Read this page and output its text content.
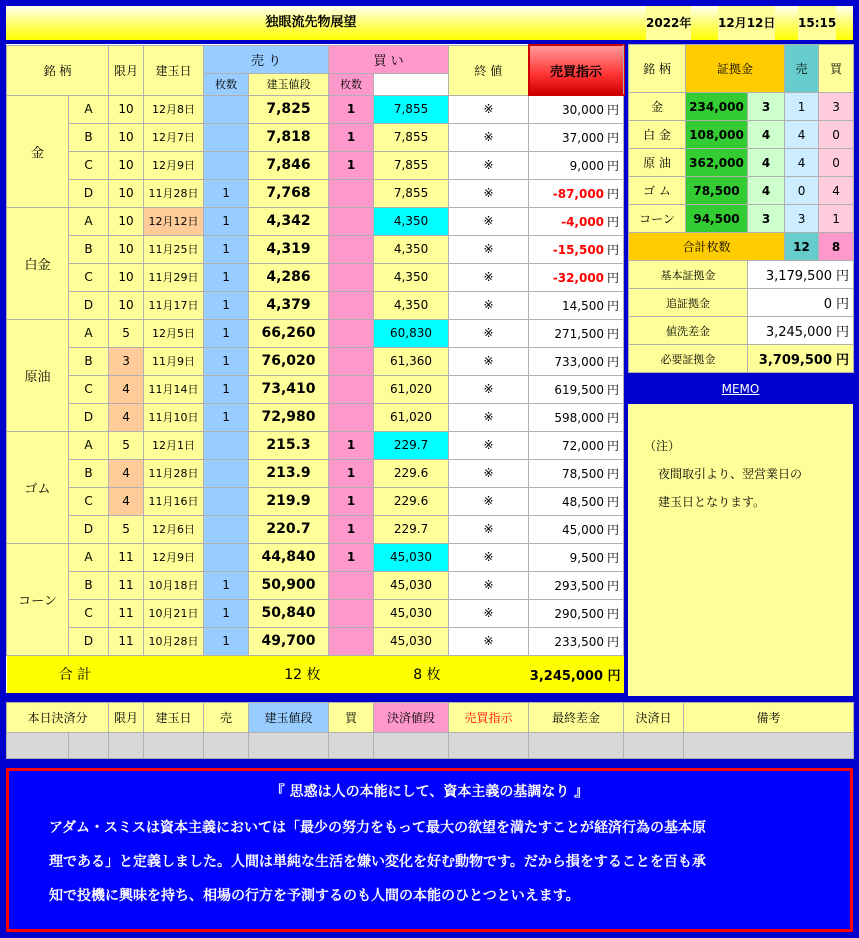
独眼流先物展望	2022年 12月12日 15:15
銘 柄		限月	建玉日	売 り		買 い		終 値	売買指示	
				枚数	建玉値段	枚数				
金	A	10	12月8日		7,825	1	7,855	※	30,000 円	
	B	10	12月7日		7,818	1	7,855	※	37,000 円	
	C	10	12月9日		7,846	1	7,855	※	9,000 円	
	D	10	11月28日	1	7,768		7,855	※	-87,000 円	
白金	A	10	12月12日	1	4,342		4,350	※	-4,000 円	
	B	10	11月25日	1	4,319		4,350	※	-15,500 円	
	C	10	11月29日	1	4,286		4,350	※	-32,000 円	
	D	10	11月17日	1	4,379		4,350	※	14,500 円	
原油	A	5	12月5日	1	66,260		60,830	※	271,500 円	
	B	3	11月9日	1	76,020		61,360	※	733,000 円	
	C	4	11月14日	1	73,410		61,020	※	619,500 円	
	D	4	11月10日	1	72,980		61,020	※	598,000 円	
ゴム	A	5	12月1日		215.3	1	229.7	※	72,000 円	
	B	4	11月28日		213.9	1	229.6	※	78,500 円	
	C	4	11月16日		219.9	1	229.6	※	48,500 円	
	D	5	12月6日		220.7	1	229.7	※	45,000 円	
コーン	A	11	12月9日		44,840	1	45,030	※	9,500 円	
	B	11	10月18日	1	50,900		45,030	※	293,500 円	
	C	11	10月21日	1	50,840		45,030	※	290,500 円	
	D	11	10月28日	1	49,700		45,030	※	233,500 円	
合 計			12 枚			8 枚		3,245,000 円		
銘 柄	証拠金		売	買
金	234,000	3	1	3
白 金	108,000	4	4	0
原 油	362,000	4	4	0
ゴ ム	78,500	4	0	4
コーン	94,500	3	3	1
合計枚数			12	8
基本証拠金		3,179,500 円		
追証拠金		0 円		
値洗差金		3,245,000 円		
必要証拠金		3,709,500 円		
MEMO
（注）
夜間取引より、翌営業日の
建玉日となります。
本日決済分		限月	建玉日	売	建玉値段	買	決済値段	売買指示	最終差金	決済日	備考

『 思惑は人の本能にして、資本主義の基調なり 』
アダム・スミスは資本主義においては「最少の努力をもって最大の欲望を満たすことが経済行為の基本原
理である」と定義しました。人間は単純な生活を嫌い変化を好む動物です。だから損をすることを百も承
知で投機に興味を持ち、相場の行方を予測するのも人間の本能のひとつといえます。
